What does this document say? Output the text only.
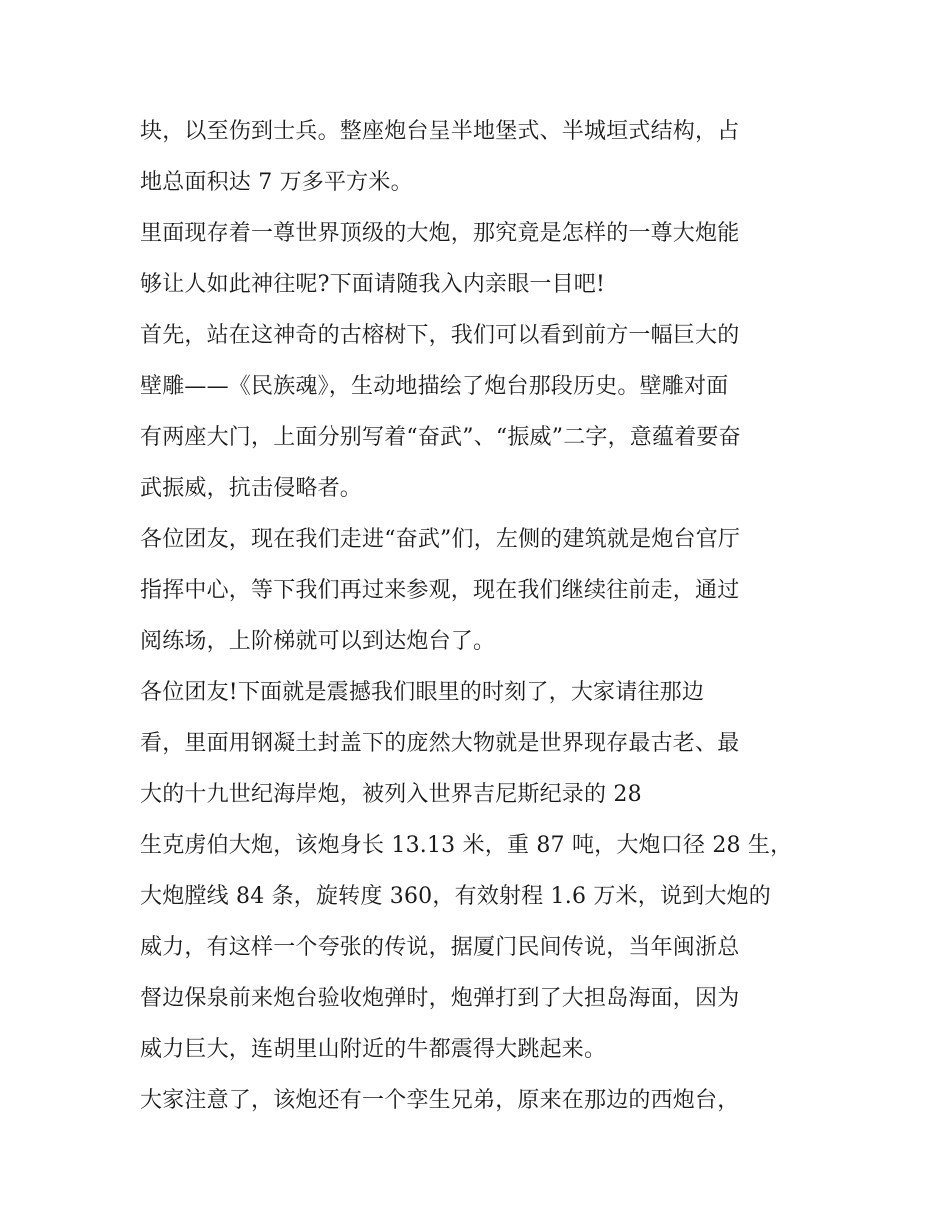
块，以至伤到士兵。整座炮台呈半地堡式、半城垣式结构，占
地总面积达 7 万多平方米。
里面现存着一尊世界顶级的大炮，那究竟是怎样的一尊大炮能
够让人如此神往呢?下面请随我入内亲眼一目吧!
首先，站在这神奇的古榕树下，我们可以看到前方一幅巨大的
壁雕——《民族魂》，生动地描绘了炮台那段历史。壁雕对面
有两座大门，上面分别写着“奋武”、“振威”二字，意蕴着要奋
武振威，抗击侵略者。
各位团友，现在我们走进“奋武”们，左侧的建筑就是炮台官厅
指挥中心，等下我们再过来参观，现在我们继续往前走，通过
阅练场，上阶梯就可以到达炮台了。
各位团友!下面就是震撼我们眼里的时刻了，大家请往那边
看，里面用钢凝土封盖下的庞然大物就是世界现存最古老、最
大的十九世纪海岸炮，被列入世界吉尼斯纪录的 28
生克虏伯大炮，该炮身长 13.13 米，重 87 吨，大炮口径 28 生，
大炮膛线 84 条，旋转度 360，有效射程 1.6 万米，说到大炮的
威力，有这样一个夸张的传说，据厦门民间传说，当年闽浙总
督边保泉前来炮台验收炮弹时，炮弹打到了大担岛海面，因为
威力巨大，连胡里山附近的牛都震得大跳起来。
大家注意了，该炮还有一个孪生兄弟，原来在那边的西炮台，
